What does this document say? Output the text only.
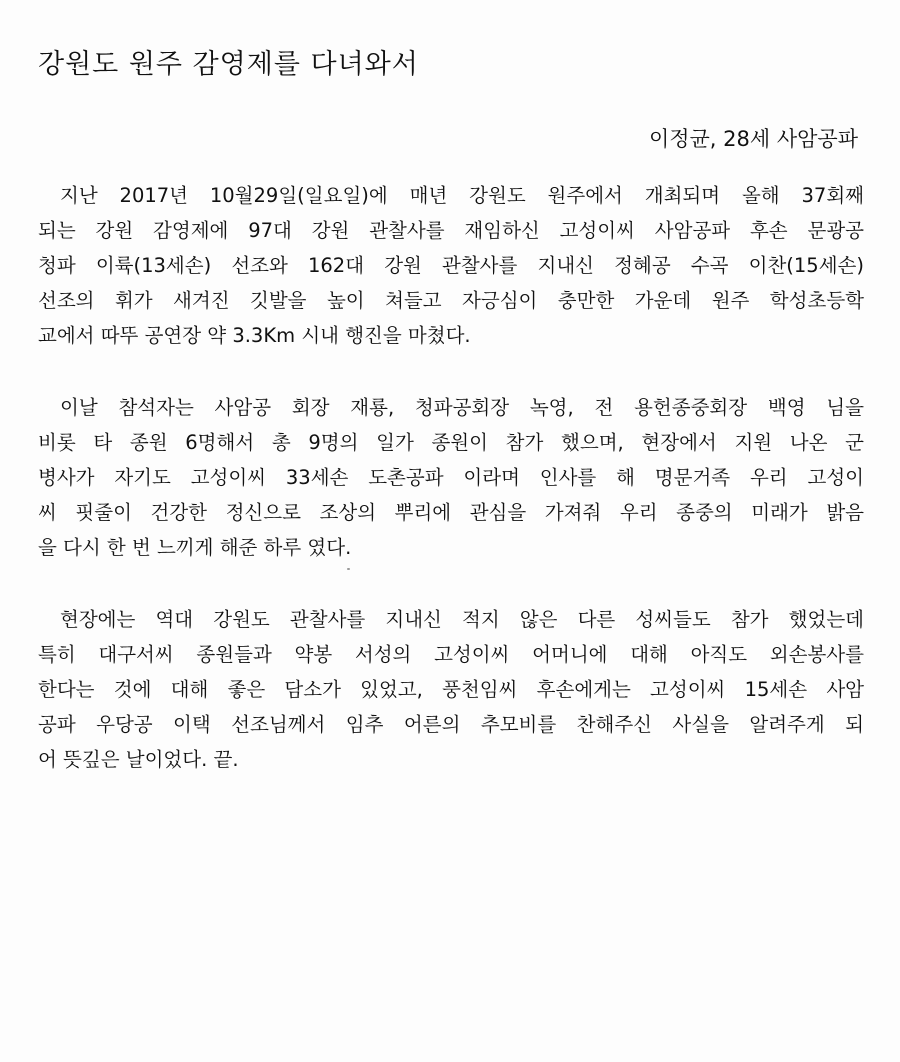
강원도 원주 감영제를 다녀와서

이정균, 28세 사암공파

지난 2017년 10월29일(일요일)에 매년 강원도 원주에서 개최되며 올해 37회째
되는 강원 감영제에 97대 강원 관찰사를 재임하신 고성이씨 사암공파 후손 문광공
청파 이륙(13세손) 선조와 162대 강원 관찰사를 지내신 정혜공 수곡 이찬(15세손)
선조의 휘가 새겨진 깃발을 높이 쳐들고 자긍심이 충만한 가운데 원주 학성초등학
교에서 따뚜 공연장 약 3.3Km 시내 행진을 마쳤다.
이날 참석자는 사암공 회장 재룡, 청파공회장 녹영, 전 용헌종중회장 백영 님을
비롯 타 종원 6명해서 총 9명의 일가 종원이 참가 했으며, 현장에서 지원 나온 군
병사가 자기도 고성이씨 33세손 도촌공파 이라며 인사를 해 명문거족 우리 고성이
씨 핏줄이 건강한 정신으로 조상의 뿌리에 관심을 가져줘 우리 종중의 미래가 밝음
을 다시 한 번 느끼게 해준 하루 였다.
현장에는 역대 강원도 관찰사를 지내신 적지 않은 다른 성씨들도 참가 했었는데
특히 대구서씨 종원들과 약봉 서성의 고성이씨 어머니에 대해 아직도 외손봉사를
한다는 것에 대해 좋은 담소가 있었고, 풍천임씨 후손에게는 고성이씨 15세손 사암
공파 우당공 이택 선조님께서 임추 어른의 추모비를 찬해주신 사실을 알려주게 되
어 뜻깊은 날이었다. 끝.
